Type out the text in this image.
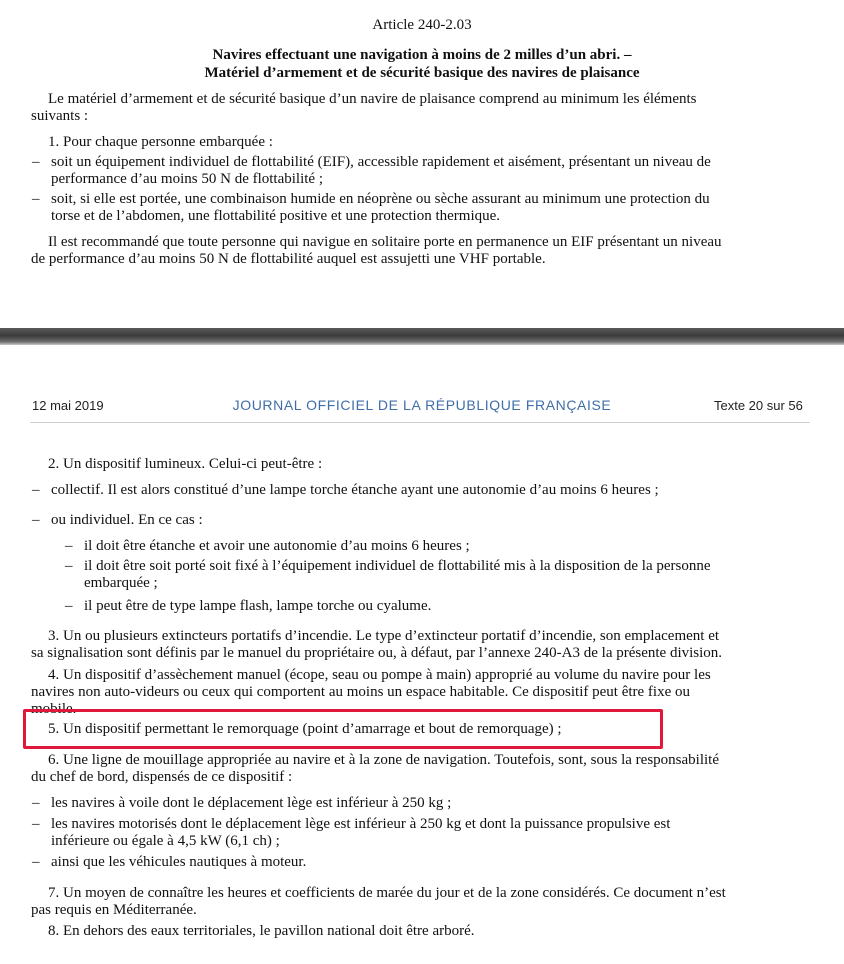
Article 240-2.03
Navires effectuant une navigation à moins de 2 milles d’un abri. –
Matériel d’armement et de sécurité basique des navires de plaisance
Le matériel d’armement et de sécurité basique d’un navire de plaisance comprend au minimum les éléments
suivants :
1. Pour chaque personne embarquée :
– soit un équipement individuel de flottabilité (EIF), accessible rapidement et aisément, présentant un niveau de
performance d’au moins 50 N de flottabilité ;
– soit, si elle est portée, une combinaison humide en néoprène ou sèche assurant au minimum une protection du
torse et de l’abdomen, une flottabilité positive et une protection thermique.
Il est recommandé que toute personne qui navigue en solitaire porte en permanence un EIF présentant un niveau
de performance d’au moins 50 N de flottabilité auquel est assujetti une VHF portable.
12 mai 2019	JOURNAL OFFICIEL DE LA RÉPUBLIQUE FRANÇAISE	Texte 20 sur 56
2. Un dispositif lumineux. Celui-ci peut-être :
– collectif. Il est alors constitué d’une lampe torche étanche ayant une autonomie d’au moins 6 heures ;
– ou individuel. En ce cas :
– il doit être étanche et avoir une autonomie d’au moins 6 heures ;
– il doit être soit porté soit fixé à l’équipement individuel de flottabilité mis à la disposition de la personne
embarquée ;
– il peut être de type lampe flash, lampe torche ou cyalume.
3. Un ou plusieurs extincteurs portatifs d’incendie. Le type d’extincteur portatif d’incendie, son emplacement et
sa signalisation sont définis par le manuel du propriétaire ou, à défaut, par l’annexe 240-A3 de la présente division.
4. Un dispositif d’assèchement manuel (écope, seau ou pompe à main) approprié au volume du navire pour les
navires non auto-videurs ou ceux qui comportent au moins un espace habitable. Ce dispositif peut être fixe ou
mobile.
5. Un dispositif permettant le remorquage (point d’amarrage et bout de remorquage) ;
6. Une ligne de mouillage appropriée au navire et à la zone de navigation. Toutefois, sont, sous la responsabilité
du chef de bord, dispensés de ce dispositif :
– les navires à voile dont le déplacement lège est inférieur à 250 kg ;
– les navires motorisés dont le déplacement lège est inférieur à 250 kg et dont la puissance propulsive est
inférieure ou égale à 4,5 kW (6,1 ch) ;
– ainsi que les véhicules nautiques à moteur.
7. Un moyen de connaître les heures et coefficients de marée du jour et de la zone considérés. Ce document n’est
pas requis en Méditerranée.
8. En dehors des eaux territoriales, le pavillon national doit être arboré.
